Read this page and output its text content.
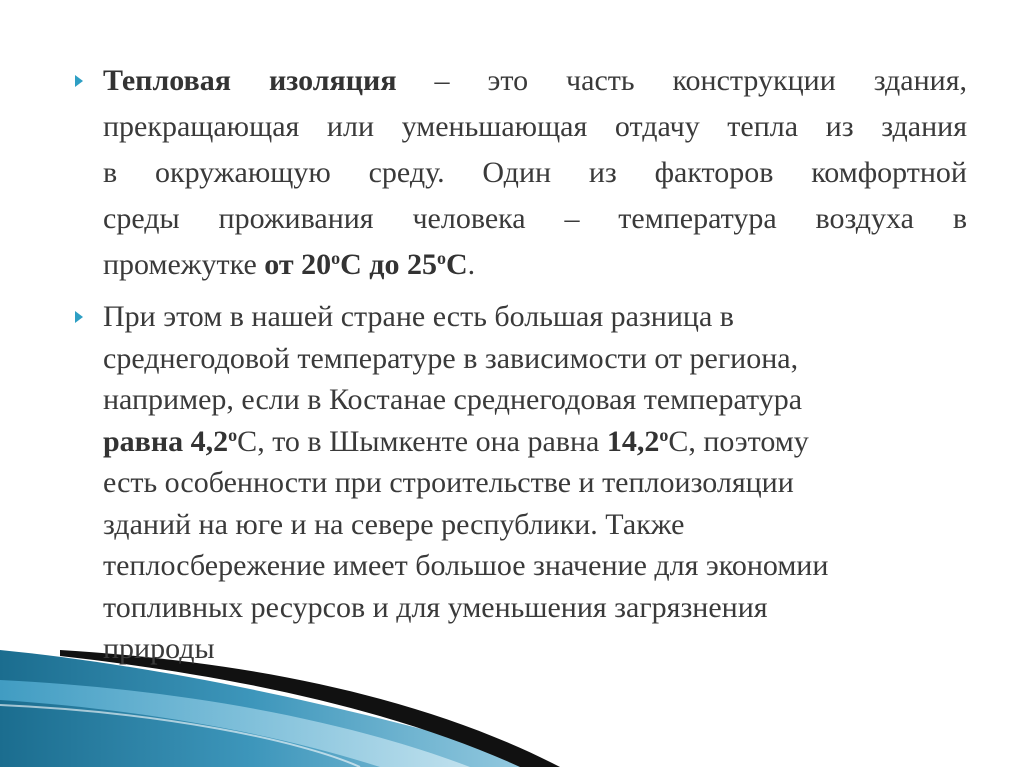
Тепловая изоляция – это часть конструкции здания,
прекращающая или уменьшающая отдачу тепла из здания
в окружающую среду. Один из факторов комфортной
среды проживания человека – температура воздуха в
промежутке от $20^оС$ до $25^оС$.
При этом в нашей стране есть большая разница в
среднегодовой температуре в зависимости от региона,
например, если в Костанае среднегодовая температура
равна $4,2^оС$, то в Шымкенте она равна $14,2^оС$, поэтому
есть особенности при строительстве и теплоизоляции
зданий на юге и на севере республики. Также
теплосбережение имеет большое значение для экономии
топливных ресурсов и для уменьшения загрязнения
природы
